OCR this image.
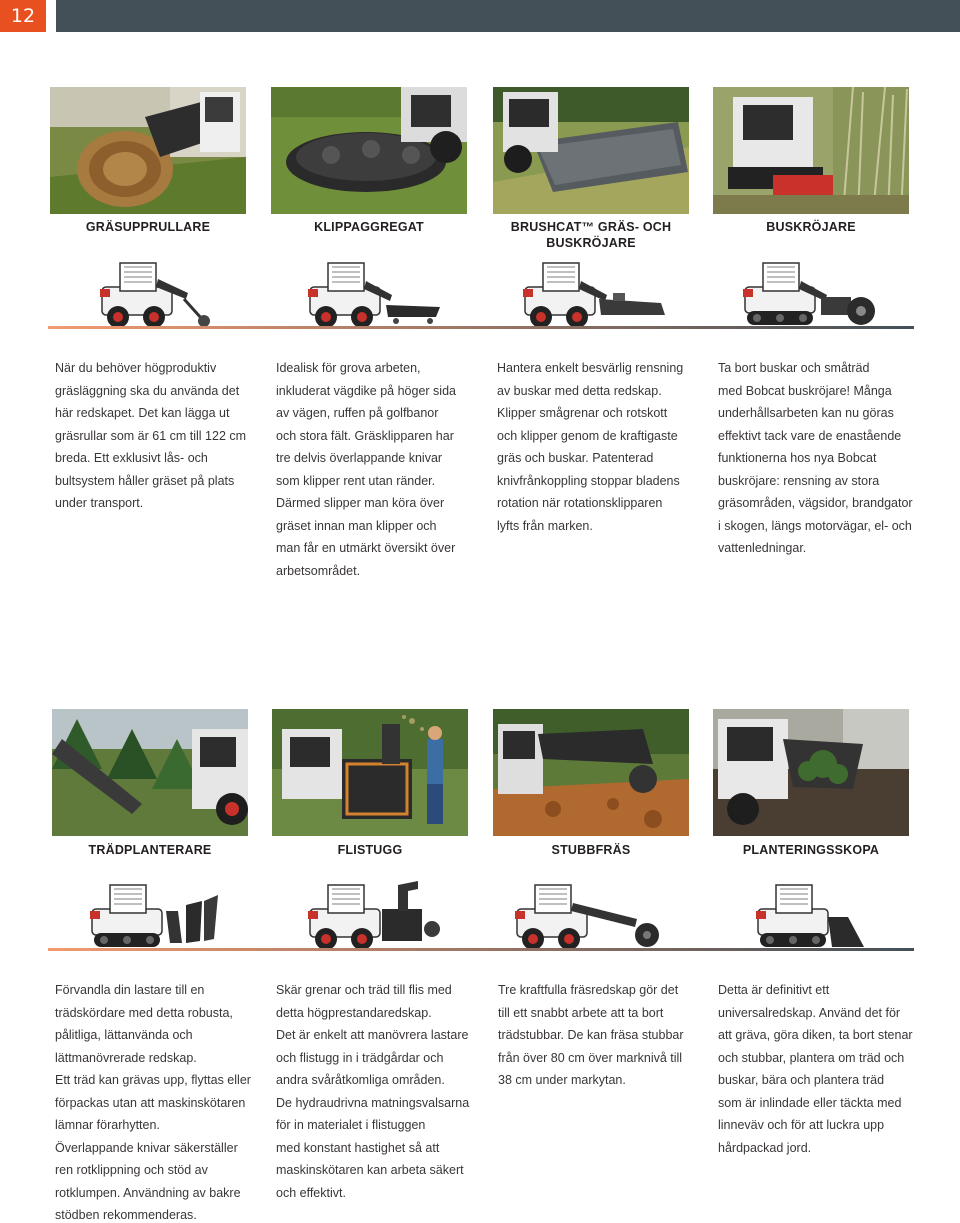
12
GRÄSUPPRULLARE	KLIPPAGGREGAT	BRUSHCAT™ GRÄS- OCH
BUSKRÖJARE
BUSKRÖJARE

När du behöver högproduktiv

gräsläggning ska du använda det

här redskapet. Det kan lägga ut

gräsrullar som är 61 cm till 122 cm

breda. Ett exklusivt lås- och

bultsystem håller gräset på plats

under transport.

Idealisk för grova arbeten,

inkluderat vägdike på höger sida

av vägen, ruffen på golfbanor

och stora fält. Gräsklipparen har

tre delvis överlappande knivar

som klipper rent utan ränder.

Därmed slipper man köra över

gräset innan man klipper och

man får en utmärkt översikt över

arbetsområdet.

Hantera enkelt besvärlig rensning

av buskar med detta redskap.

Klipper smågrenar och rotskott

och klipper genom de kraftigaste

gräs och buskar. Patenterad

knivfrånkoppling stoppar bladens

rotation när rotationsklipparen

lyfts från marken.

Ta bort buskar och småträd

med Bobcat buskröjare! Många

underhållsarbeten kan nu göras

effektivt tack vare de enastående

funktionerna hos nya Bobcat

buskröjare: rensning av stora

gräsområden, vägsidor, brandgator

i skogen, längs motorvägar, el- och

vattenledningar.

TRÄDPLANTERARE	FLISTUGG	STUBBFRÄS	PLANTERINGSSKOPA

Förvandla din lastare till en

trädskördare med detta robusta,

pålitliga, lättanvända och

lättmanövrerade redskap.

Ett träd kan grävas upp, flyttas eller

förpackas utan att maskinskötaren

lämnar förarhytten.

Överlappande knivar säkerställer

ren rotklippning och stöd av

rotklumpen. Användning av bakre

stödben rekommenderas.

Skär grenar och träd till flis med

detta högprestandaredskap.

Det är enkelt att manövrera lastare

och flistugg in i trädgårdar och

andra svåråtkomliga områden.

De hydraudrivna matningsvalsarna

för in materialet i flistuggen

med konstant hastighet så att

maskinskötaren kan arbeta säkert

och effektivt.

Tre kraftfulla fräsredskap gör det

till ett snabbt arbete att ta bort

trädstubbar. De kan fräsa stubbar

från över 80 cm över marknivå till

38 cm under markytan.

Detta är definitivt ett

universalredskap. Använd det för

att gräva, göra diken, ta bort stenar

och stubbar, plantera om träd och

buskar, bära och plantera träd

som är inlindade eller täckta med

linneväv och för att luckra upp

hårdpackad jord.
